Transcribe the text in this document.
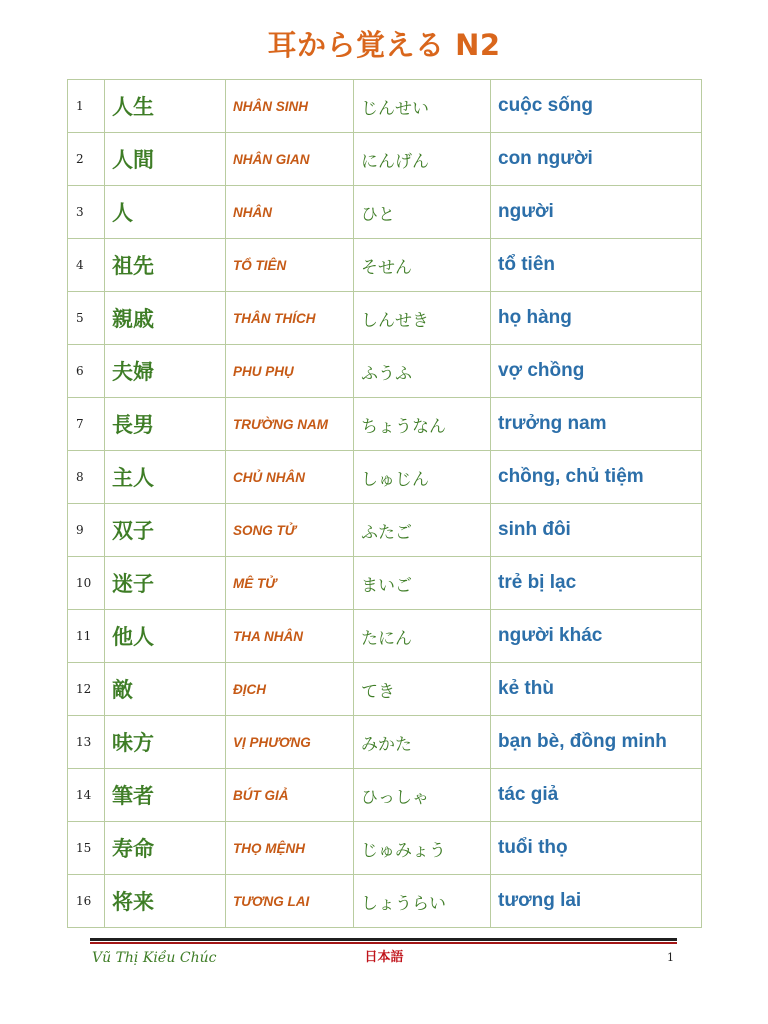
耳から覚える N2
1	人生	NHÂN SINH	じんせい	cuộc sống
2	人間	NHÂN GIAN	にんげん	con người
3	人	NHÂN	ひと	người
4	祖先	TỔ TIÊN	そせん	tổ tiên
5	親戚	THÂN THÍCH	しんせき	họ hàng
6	夫婦	PHU PHỤ	ふうふ	vợ chồng
7	長男	TRƯỜNG NAM	ちょうなん	trưởng nam
8	主人	CHỦ NHÂN	しゅじん	chồng, chủ tiệm
9	双子	SONG TỬ	ふたご	sinh đôi
10	迷子	MÊ TỬ	まいご	trẻ bị lạc
11	他人	THA NHÂN	たにん	người khác
12	敵	ĐỊCH	てき	kẻ thù
13	味方	VỊ PHƯƠNG	みかた	bạn bè, đồng minh
14	筆者	BÚT GIẢ	ひっしゃ	tác giả
15	寿命	THỌ MỆNH	じゅみょう	tuổi thọ
16	将来	TƯƠNG LAI	しょうらい	tương lai
Vũ Thị Kiều Chúc	日本語	1
